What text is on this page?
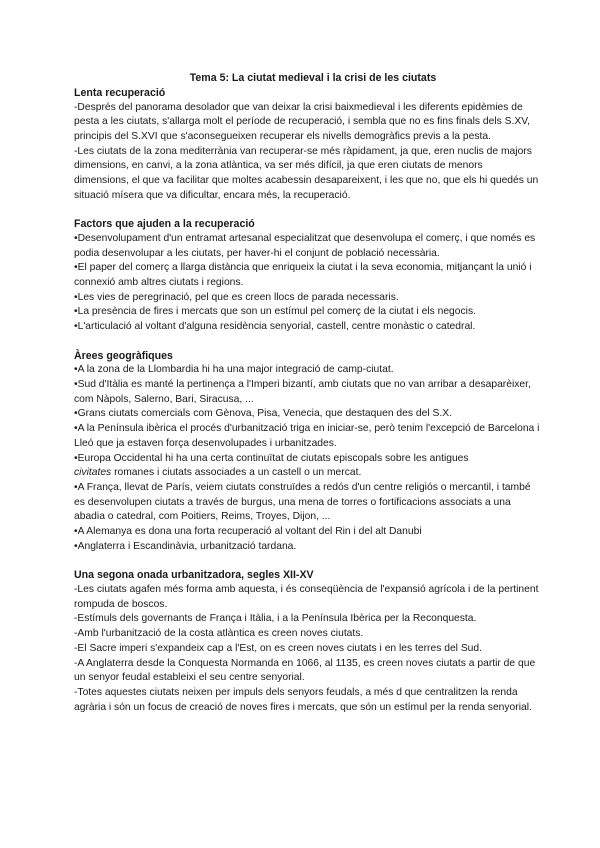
Tema 5: La ciutat medieval i la crisi de les ciutats

Lenta recuperació

-Després del panorama desolador que van deixar la crisi baixmedieval i les diferents epidèmies de pesta a les ciutats, s'allarga molt el període de recuperació, i sembla que no es fins finals dels S.XV, principis del S.XVI que s'aconsegueixen recuperar els nivells demogràfics previs a la pesta.

-Les ciutats de la zona mediterrània van recuperar-se més ràpidament, ja que, eren nuclis de majors dimensions, en canvi, a la zona atlàntica, va ser més difícil, ja que eren ciutats de menors dimensions, el que va facilitar que moltes acabessin desapareixent, i les que no, que els hi quedés un situació mísera que va dificultar, encara més, la recuperació.

Factors que ajuden a la recuperació

•Desenvolupament d'un entramat artesanal especialitzat que desenvolupa el comerç, i que només es podia desenvolupar a les ciutats, per haver-hi el conjunt de població necessària.

•El paper del comerç a llarga distància que enriqueix la ciutat i la seva economia, mitjançant la unió i connexió amb altres ciutats i regions.

•Les vies de peregrinació, pel que es creen llocs de parada necessaris.

•La presència de fires i mercats que son un estímul pel comerç de la ciutat i els negocis.

•L'articulació al voltant d'alguna residència senyorial, castell, centre monàstic o catedral.

Àrees geogràfiques

•A la zona de la Llombardia hi ha una major integració de camp-ciutat.

•Sud d'Itàlia es manté la pertinença a l'Imperi bizantí, amb ciutats que no van arribar a desaparèixer, com Nàpols, Salerno, Bari, Siracusa, ...

•Grans ciutats comercials com Gènova, Pisa, Venecia, que destaquen des del S.X.

•A la Península ibèrica el procés d'urbanització triga en iniciar-se, però tenim l'excepció de Barcelona i Lleó que ja estaven força desenvolupades i urbanitzades.

•Europa Occidental hi ha una certa continuïtat de ciutats episcopals sobre les antigues
civitates romanes i ciutats associades a un castell o un mercat.

•A França, llevat de París, veiem ciutats construïdes a redós d'un centre religiós o mercantil, i també es desenvolupen ciutats a través de burgus, una mena de torres o fortificacions associats a una abadia o catedral, com Poitiers, Reims, Troyes, Dijon, ...

•A Alemanya es dona una forta recuperació al voltant del Rin i del alt Danubi

•Anglaterra i Escandinàvia, urbanització tardana.

Una segona onada urbanitzadora, segles XII-XV

-Les ciutats agafen més forma amb aquesta, i és conseqüència de l'expansió agrícola i de la pertinent rompuda de boscos.

-Estímuls dels governants de França i Itàlia, i a la Península Ibèrica per la Reconquesta.

-Amb l'urbanització de la costa atlàntica es creen noves ciutats.

-El Sacre imperi s'expandeix cap a l'Est, on es creen noves ciutats i en les terres del Sud.

-A Anglaterra desde la Conquesta Normanda en 1066, al 1135, es creen noves ciutats a partir de que un senyor feudal estableixi el seu centre senyorial.

-Totes aquestes ciutats neixen per impuls dels senyors feudals, a més d que centralitzen la renda agrària i són un focus de creació de noves fires i mercats, que són un estímul per la renda senyorial.
